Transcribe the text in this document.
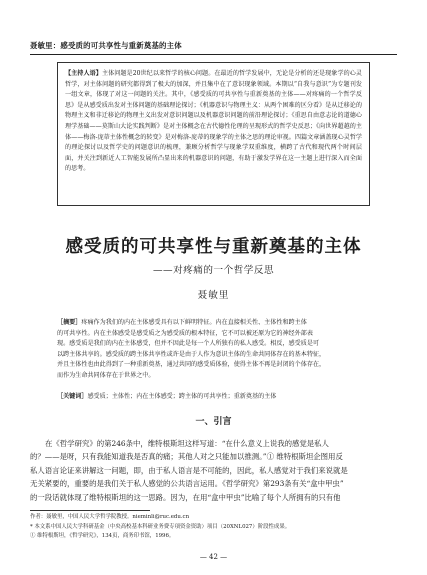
聂敏里：感受质的可共享性与重新奠基的主体
【主持人语】主体问题是20世纪以来哲学的核心问题。在最近的哲学发展中，无论是分析的还是现象学的心灵哲学，对主体问题的研究都得到了极大的加深，并且集中在了意识现象领域。本期以“自我与意识”为专题刊发一组文章，体现了对这一问题的关注。其中，《感受质的可共享性与重新奠基的主体——对疼痛的一个哲学反思》是从感受质出发对主体问题的基础理论探讨；《机器意识与物理主义：从两个困难的区分看》是从迁移论的物理主义和非迁移论的物理主义出发对意识问题以及机器意识问题的前沿理论探讨；《重思自由意志论的道德心理学基础——莫斯山大论实践判断》是对主体概念在古代德性伦理的呈现形式的哲学史反思；《向世界超越的主体——梅洛-庞蒂主体性概念的转变》是对梅洛-庞蒂的现象学的主体之思的理论审视。四篇文章涵盖现心灵哲学的理论探讨以及哲学史的问题意识的梳理，兼顾分析哲学与现象学双重维度，横跨了古代和现代两个时间层面，并关注到新近人工智能发展所凸显出来的机器意识的问题，有助于激发学界在这一主题上进行深入而全面的思考。
感受质的可共享性与重新奠基的主体
——对疼痛的一个哲学反思
聂敏里
［摘要］疼痛作为我们的内在主体感受具有以下鲜明特征。内在直接相关性、主体性和跨主体
的可共享性。内在主体感受是感受质之为感受质的根本特征，它不可以被还原为它的神经外部表
现。感受质是我们的内在主体感受，但并不因此是每一个人所独有的私人感受。相反，感受质是可
以跨主体共享的。感受质的跨主体共享性或许是由于人作为意识主体的生命共同体存在的基本特征，
并且主体性也由此得到了一种重新奠基，通过共同的感受质体验，使得主体不再是封闭的个体存在，
而作为生命共同体存在于世界之中。
［关键词］感受质；主体性；内在主体感受；跨主体的可共享性；重新奠基的主体
一、引言
在《哲学研究》的第246条中，维特根斯坦这样写道：“在什么意义上说我的感觉是私人
的？——是呀，只有我能知道我是否真的痛；其他人对之只能加以推测。”① 维特根斯坦企图用反
私人语言论证来讲解这一问题，即，由于私人语言是不可能的，因此，私人感觉对于我们来说就是
无关紧要的，重要的是我们关于私人感觉的公共语言运用。《哲学研究》第293条有关“盒中甲虫”
的一段话就体现了维特根斯坦的这一思路。因为，在用“盒中甲虫”比喻了每个人所拥有的只有他
作者：聂敏里，中国人民大学哲学院教授。nieminli@ruc.edu.cn
* 本文系中国人民大学科研基金（中央高校基本科研业务费专项资金资助）项目（20XNL027）阶段性成果。
① 维特根斯坦，《哲学研究》，134页，商务印书馆，1996。
— 42 —
